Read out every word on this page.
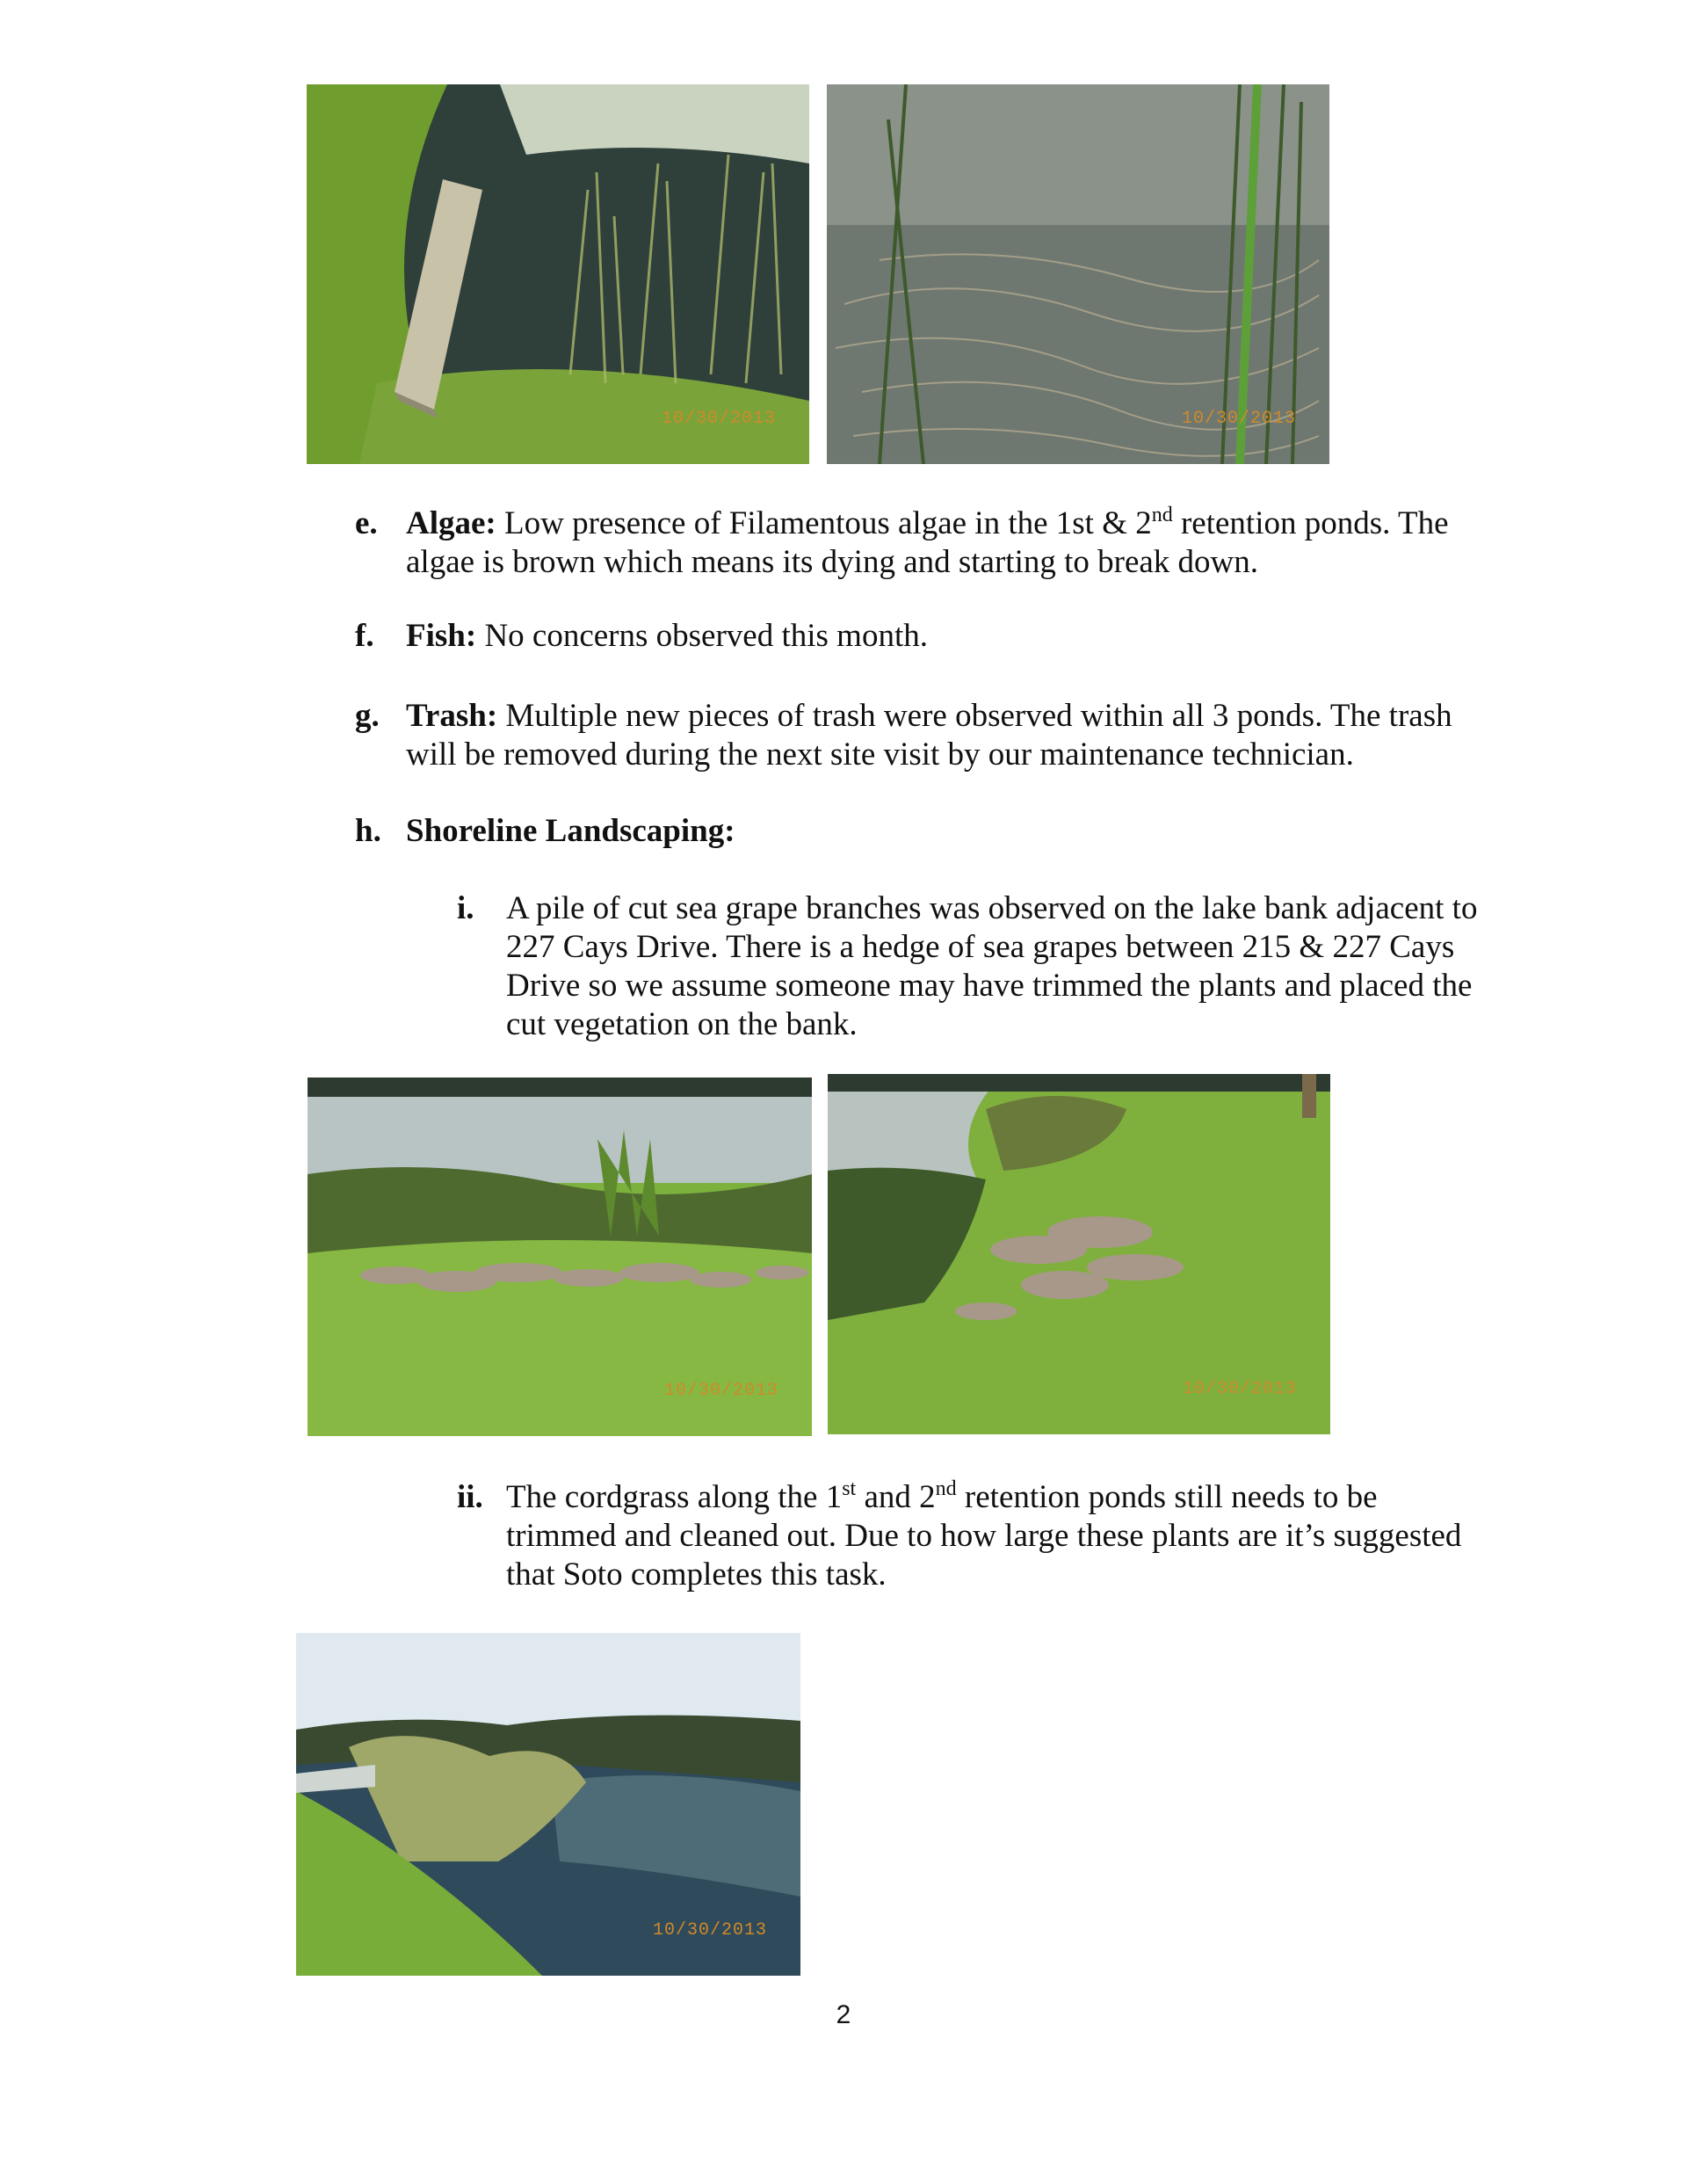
10/30/2013	10/30/2013
e. Algae: Low presence of Filamentous algae in the 1st & 2nd retention ponds. The
algae is brown which means its dying and starting to break down.
f. Fish: No concerns observed this month.
g. Trash: Multiple new pieces of trash were observed within all 3 ponds. The trash
will be removed during the next site visit by our maintenance technician.
h. Shoreline Landscaping:
i. A pile of cut sea grape branches was observed on the lake bank adjacent to
227 Cays Drive. There is a hedge of sea grapes between 215 & 227 Cays
Drive so we assume someone may have trimmed the plants and placed the
cut vegetation on the bank.
10/30/2013	10/30/2013
ii. The cordgrass along the 1st and 2nd retention ponds still needs to be
trimmed and cleaned out. Due to how large these plants are it’s suggested
that Soto completes this task.
10/30/2013
2
